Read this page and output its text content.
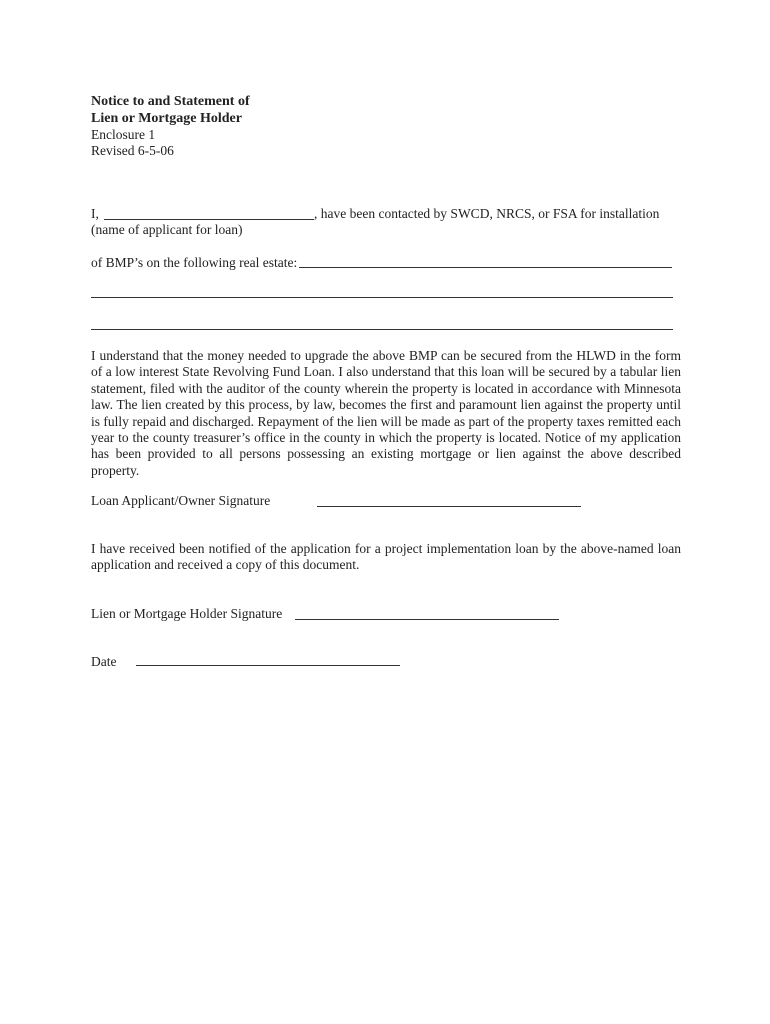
Notice to and Statement of
Lien or Mortgage Holder
Enclosure 1
Revised 6-5-06
I,	, have been contacted by SWCD, NRCS, or FSA for installation
(name of applicant for loan)
of BMP’s on the following real estate:
I understand that the money needed to upgrade the above BMP can be secured from the HLWD in the form of a low interest State Revolving Fund Loan. I also understand that this loan will be secured by a tabular lien statement, filed with the auditor of the county wherein the property is located in accordance with Minnesota law. The lien created by this process, by law, becomes the first and paramount lien against the property until is fully repaid and discharged. Repayment of the lien will be made as part of the property taxes remitted each year to the county treasurer’s office in the county in which the property is located. Notice of my application has been provided to all persons possessing an existing mortgage or lien against the above described property.
Loan Applicant/Owner Signature
I have received been notified of the application for a project implementation loan by the above-named loan application and received a copy of this document.
Lien or Mortgage Holder Signature
Date
